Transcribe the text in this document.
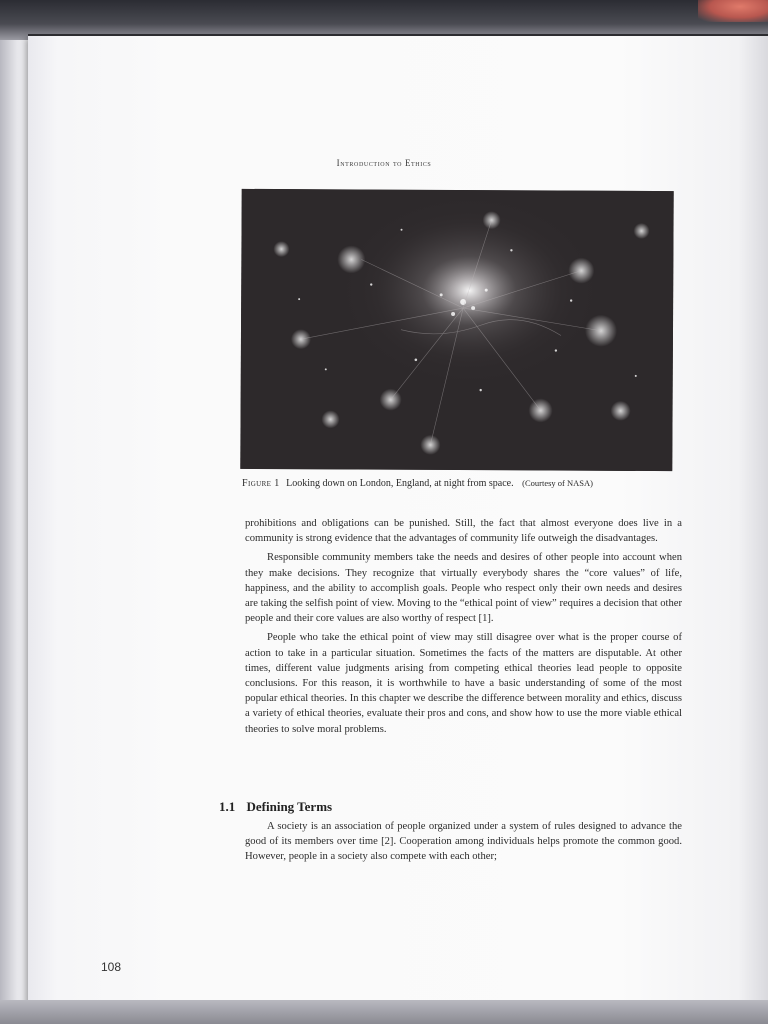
Introduction to Ethics
Figure 1 Looking down on London, England, at night from space. (Courtesy of NASA)

prohibitions and obligations can be punished. Still, the fact that almost everyone does live in a community is strong evidence that the advantages of community life outweigh the disadvantages.

Responsible community members take the needs and desires of other people into account when they make decisions. They recognize that virtually everybody shares the “core values” of life, happiness, and the ability to accomplish goals. People who respect only their own needs and desires are taking the selfish point of view. Moving to the “ethical point of view” requires a decision that other people and their core values are also worthy of respect [1].

People who take the ethical point of view may still disagree over what is the proper course of action to take in a particular situation. Sometimes the facts of the matters are disputable. At other times, different value judgments arising from competing ethical theories lead people to opposite conclusions. For this reason, it is worthwhile to have a basic understanding of some of the most popular ethical theories. In this chapter we describe the difference between morality and ethics, discuss a variety of ethical theories, evaluate their pros and cons, and show how to use the more viable ethical theories to solve moral problems.

1.1 Defining Terms

A society is an association of people organized under a system of rules designed to advance the good of its members over time [2]. Cooperation among individuals helps promote the common good. However, people in a society also compete with each other;

108
